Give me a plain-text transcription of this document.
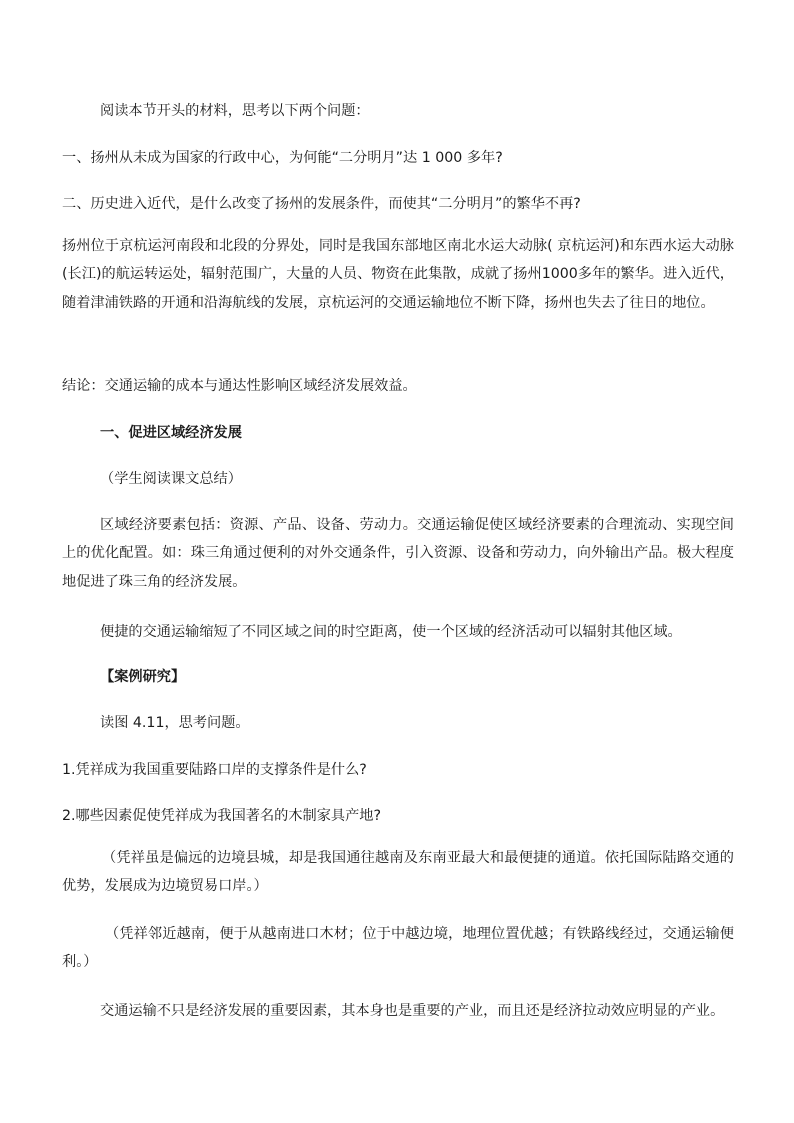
阅读本节开头的材料，思考以下两个问题：
一、扬州从未成为国家的行政中心，为何能“二分明月”达 1 000 多年?
二、历史进入近代，是什么改变了扬州的发展条件，而使其“二分明月”的繁华不再?
扬州位于京杭运河南段和北段的分界处，同时是我国东部地区南北水运大动脉( 京杭运河)和东西水运大动脉(长江)的航运转运处，辐射范围广，大量的人员、物资在此集散，成就了扬州1000多年的繁华。进入近代，随着津浦铁路的开通和沿海航线的发展，京杭运河的交通运输地位不断下降，扬州也失去了往日的地位。
结论：交通运输的成本与通达性影响区域经济发展效益。
一、促进区域经济发展
（学生阅读课文总结）
区域经济要素包括：资源、产品、设备、劳动力。交通运输促使区域经济要素的合理流动、实现空间上的优化配置。如：珠三角通过便利的对外交通条件，引入资源、设备和劳动力，向外输出产品。极大程度地促进了珠三角的经济发展。
便捷的交通运输缩短了不同区域之间的时空距离，使一个区域的经济活动可以辐射其他区域。
【案例研究】
读图 4.11，思考问题。
1.凭祥成为我国重要陆路口岸的支撑条件是什么?
2.哪些因素促使凭祥成为我国著名的木制家具产地?
（凭祥虽是偏远的边境县城，却是我国通往越南及东南亚最大和最便捷的通道。依托国际陆路交通的优势，发展成为边境贸易口岸。）
（凭祥邻近越南，便于从越南进口木材；位于中越边境，地理位置优越；有铁路线经过，交通运输便利。）
交通运输不只是经济发展的重要因素，其本身也是重要的产业，而且还是经济拉动效应明显的产业。
